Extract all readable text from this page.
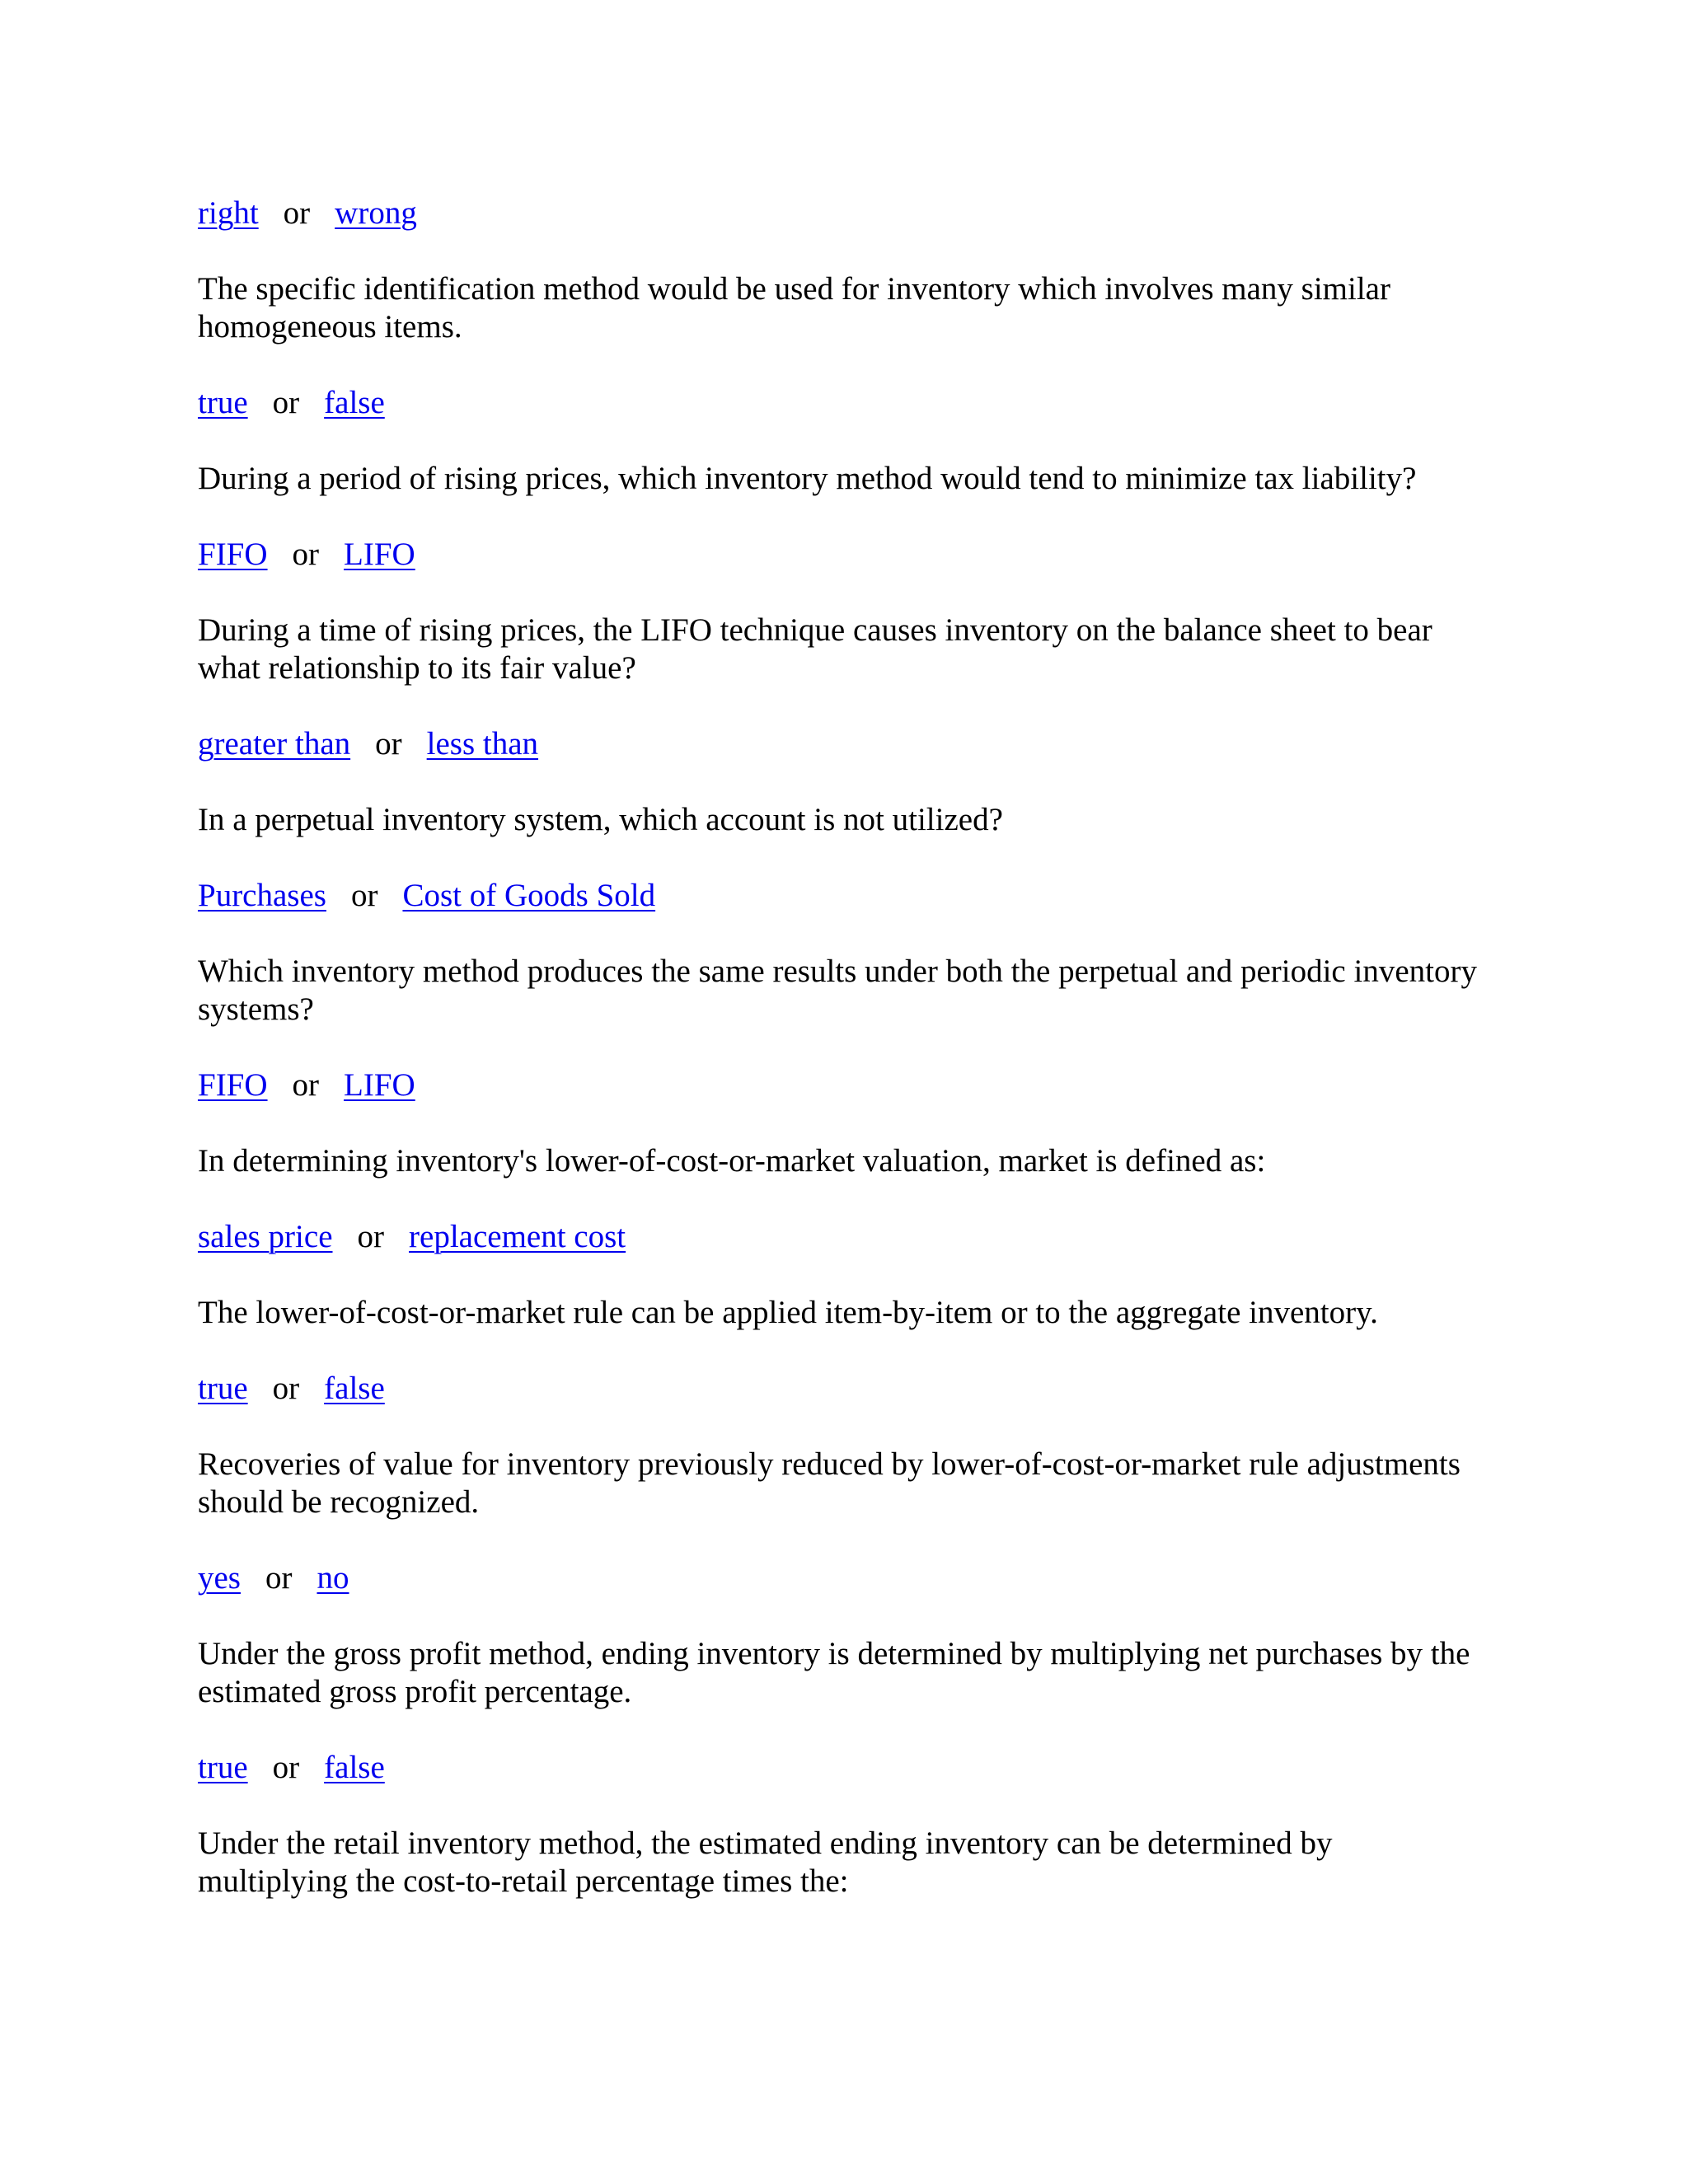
right or wrong
The specific identification method would be used for inventory which involves many similar homogeneous items.
true or false
During a period of rising prices, which inventory method would tend to minimize tax liability?
FIFO or LIFO
During a time of rising prices, the LIFO technique causes inventory on the balance sheet to bear what relationship to its fair value?
greater than or less than
In a perpetual inventory system, which account is not utilized?
Purchases or Cost of Goods Sold
Which inventory method produces the same results under both the perpetual and periodic inventory systems?
FIFO or LIFO
In determining inventory's lower-of-cost-or-market valuation, market is defined as:
sales price or replacement cost
The lower-of-cost-or-market rule can be applied item-by-item or to the aggregate inventory.
true or false
Recoveries of value for inventory previously reduced by lower-of-cost-or-market rule adjustments should be recognized.
yes or no
Under the gross profit method, ending inventory is determined by multiplying net purchases by the estimated gross profit percentage.
true or false
Under the retail inventory method, the estimated ending inventory can be determined by multiplying the cost-to-retail percentage times the:
